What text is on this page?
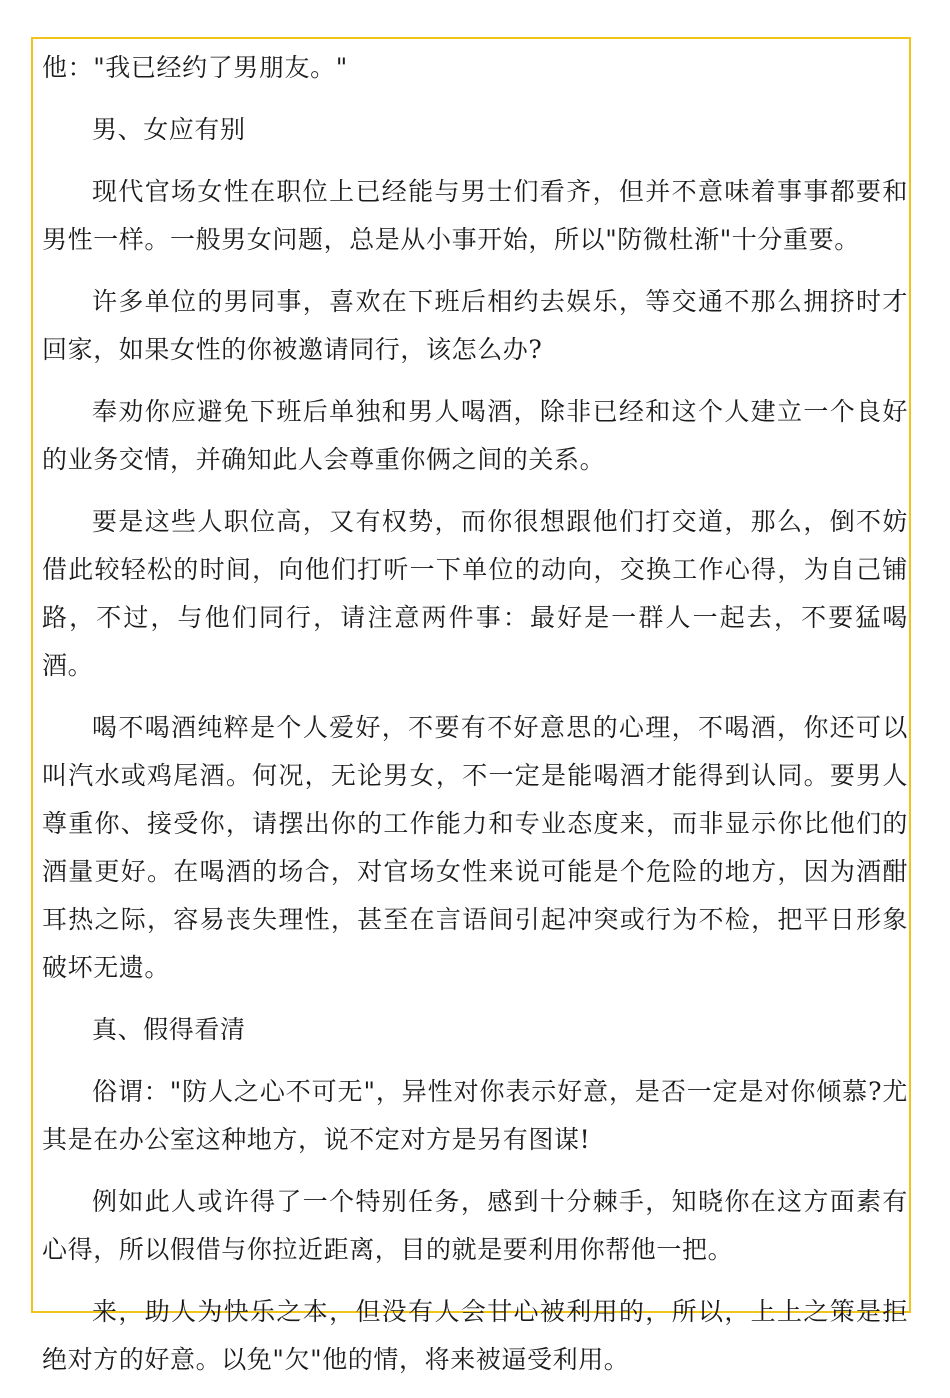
他："我已经约了男朋友。"

男、女应有别

现代官场女性在职位上已经能与男士们看齐，但并不意味着事事都要和男性一样。一般男女问题，总是从小事开始，所以"防微杜渐"十分重要。

许多单位的男同事，喜欢在下班后相约去娱乐，等交通不那么拥挤时才回家，如果女性的你被邀请同行，该怎么办?

奉劝你应避免下班后单独和男人喝酒，除非已经和这个人建立一个良好的业务交情，并确知此人会尊重你俩之间的关系。

要是这些人职位高，又有权势，而你很想跟他们打交道，那么，倒不妨借此较轻松的时间，向他们打听一下单位的动向，交换工作心得，为自己铺路，不过，与他们同行，请注意两件事：最好是一群人一起去，不要猛喝酒。

喝不喝酒纯粹是个人爱好，不要有不好意思的心理，不喝酒，你还可以叫汽水或鸡尾酒。何况，无论男女，不一定是能喝酒才能得到认同。要男人尊重你、接受你，请摆出你的工作能力和专业态度来，而非显示你比他们的酒量更好。在喝酒的场合，对官场女性来说可能是个危险的地方，因为酒酣耳热之际，容易丧失理性，甚至在言语间引起冲突或行为不检，把平日形象破坏无遗。

真、假得看清

俗谓："防人之心不可无"，异性对你表示好意，是否一定是对你倾慕?尤其是在办公室这种地方，说不定对方是另有图谋!

例如此人或许得了一个特别任务，感到十分棘手，知晓你在这方面素有心得，所以假借与你拉近距离，目的就是要利用你帮他一把。

来，助人为快乐之本，但没有人会甘心被利用的，所以，上上之策是拒绝对方的好意。以免"欠"他的情，将来被逼受利用。
